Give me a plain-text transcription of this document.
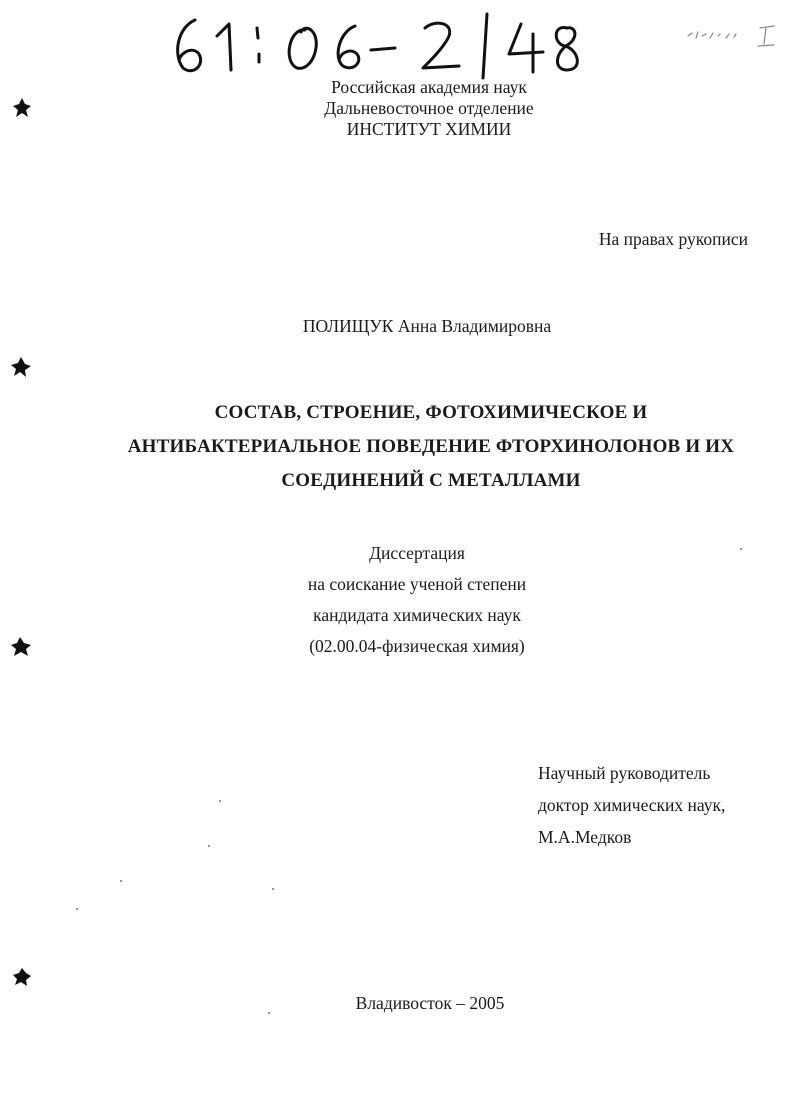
Российская академия наук
Дальневосточное отделение
ИНСТИТУТ ХИМИИ
На правах рукописи
ПОЛИЩУК Анна Владимировна
СОСТАВ, СТРОЕНИЕ, ФОТОХИМИЧЕСКОЕ И
АНТИБАКТЕРИАЛЬНОЕ ПОВЕДЕНИЕ ФТОРХИНОЛОНОВ И ИХ
СОЕДИНЕНИЙ С МЕТАЛЛАМИ
Диссертация
на соискание ученой степени
кандидата химических наук
(02.00.04-физическая химия)
Научный руководитель
доктор химических наук,
М.А.Медков
Владивосток – 2005
